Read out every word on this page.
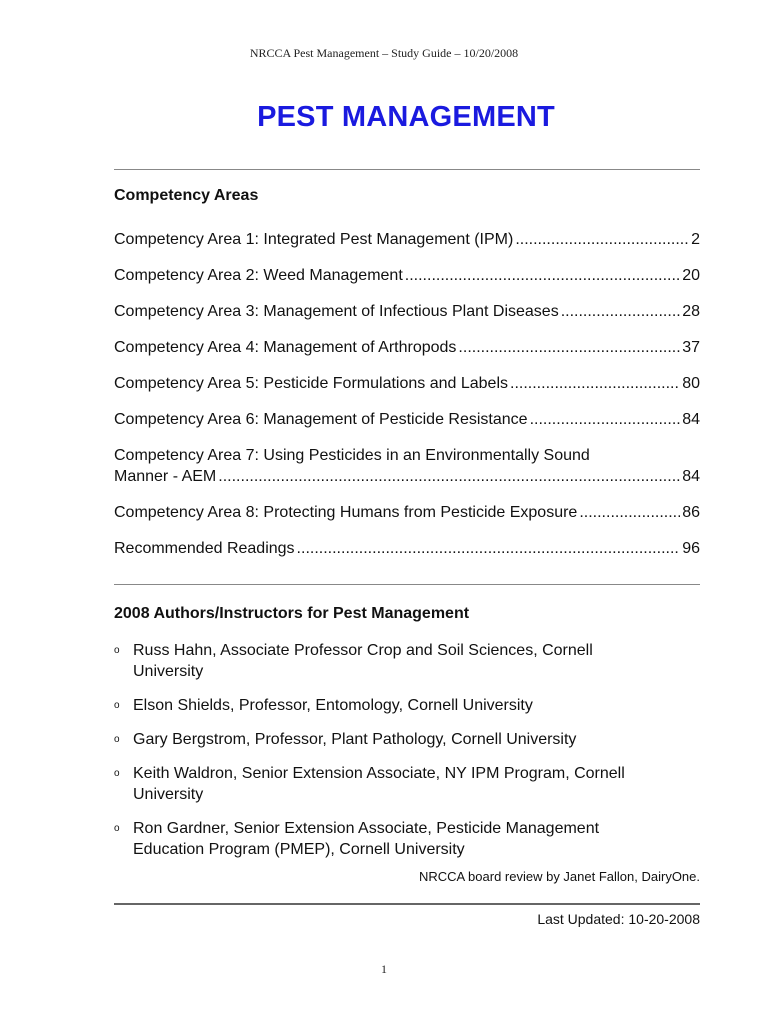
NRCCA Pest Management – Study Guide – 10/20/2008
PEST MANAGEMENT
Competency Areas
Competency Area 1: Integrated Pest Management (IPM) .....	2
Competency Area 2: Weed Management .....	20
Competency Area 3: Management of Infectious Plant Diseases .....	28
Competency Area 4: Management of Arthropods .....	37
Competency Area 5: Pesticide Formulations and Labels .....	80
Competency Area 6: Management of Pesticide Resistance .....	84
Competency Area 7: Using Pesticides in an Environmentally Sound
Manner - AEM .....	84
Competency Area 8: Protecting Humans from Pesticide Exposure .....	86
Recommended Readings .....	96
2008 Authors/Instructors for Pest Management
o Russ Hahn, Associate Professor Crop and Soil Sciences, Cornell
University
o Elson Shields, Professor, Entomology, Cornell University
o Gary Bergstrom, Professor, Plant Pathology, Cornell University
o Keith Waldron, Senior Extension Associate, NY IPM Program, Cornell
University
o Ron Gardner, Senior Extension Associate, Pesticide Management
Education Program (PMEP), Cornell University
NRCCA board review by Janet Fallon, DairyOne.
Last Updated: 10-20-2008
1
